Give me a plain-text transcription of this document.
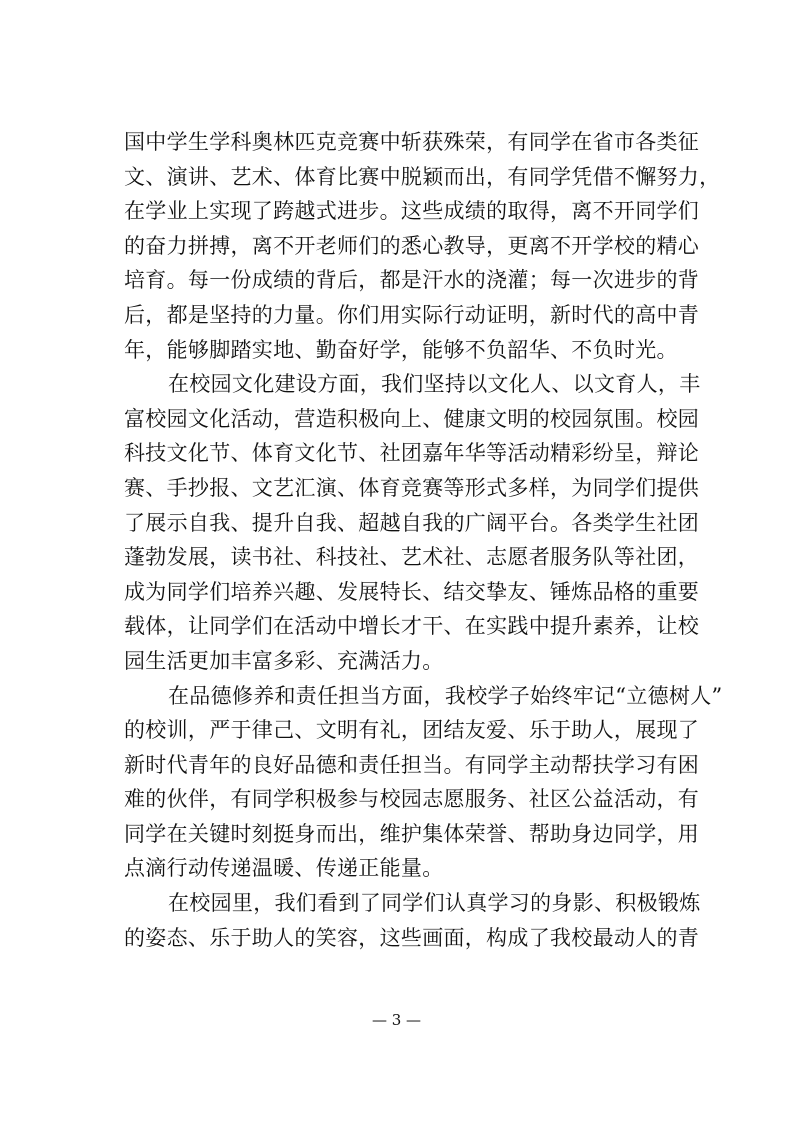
国中学生学科奥林匹克竞赛中斩获殊荣，有同学在省市各类征
文、演讲、艺术、体育比赛中脱颖而出，有同学凭借不懈努力，
在学业上实现了跨越式进步。这些成绩的取得，离不开同学们
的奋力拼搏，离不开老师们的悉心教导，更离不开学校的精心
培育。每一份成绩的背后，都是汗水的浇灌；每一次进步的背
后，都是坚持的力量。你们用实际行动证明，新时代的高中青
年，能够脚踏实地、勤奋好学，能够不负韶华、不负时光。
在校园文化建设方面，我们坚持以文化人、以文育人，丰
富校园文化活动，营造积极向上、健康文明的校园氛围。校园
科技文化节、体育文化节、社团嘉年华等活动精彩纷呈，辩论
赛、手抄报、文艺汇演、体育竞赛等形式多样，为同学们提供
了展示自我、提升自我、超越自我的广阔平台。各类学生社团
蓬勃发展，读书社、科技社、艺术社、志愿者服务队等社团，
成为同学们培养兴趣、发展特长、结交挚友、锤炼品格的重要
载体，让同学们在活动中增长才干、在实践中提升素养，让校
园生活更加丰富多彩、充满活力。
在品德修养和责任担当方面，我校学子始终牢记“立德树人”
的校训，严于律己、文明有礼，团结友爱、乐于助人，展现了
新时代青年的良好品德和责任担当。有同学主动帮扶学习有困
难的伙伴，有同学积极参与校园志愿服务、社区公益活动，有
同学在关键时刻挺身而出，维护集体荣誉、帮助身边同学，用
点滴行动传递温暖、传递正能量。
在校园里，我们看到了同学们认真学习的身影、积极锻炼
的姿态、乐于助人的笑容，这些画面，构成了我校最动人的青
— 3 —
